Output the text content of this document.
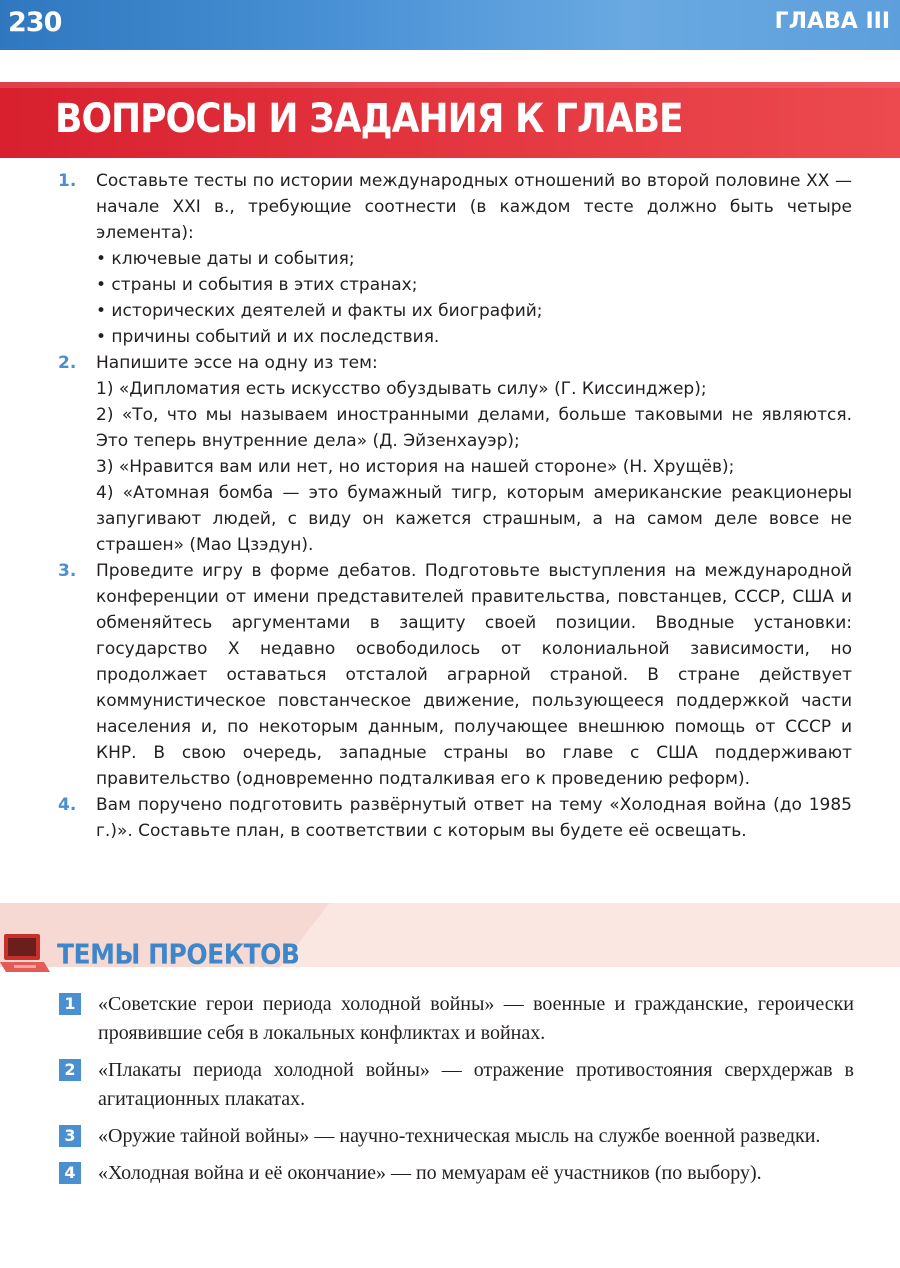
230	ГЛАВА III
ВОПРОСЫ И ЗАДАНИЯ К ГЛАВЕ
1. Составьте тесты по истории международных отношений во второй половине XX — начале XXI в., требующие соотнести (в каждом тесте должно быть четыре элемента):
• ключевые даты и события;
• страны и события в этих странах;
• исторических деятелей и факты их биографий;
• причины событий и их последствия.
2. Напишите эссе на одну из тем:
1) «Дипломатия есть искусство обуздывать силу» (Г. Киссинджер);
2) «То, что мы называем иностранными делами, больше таковыми не являются. Это теперь внутренние дела» (Д. Эйзенхауэр);
3) «Нравится вам или нет, но история на нашей стороне» (Н. Хрущёв);
4) «Атомная бомба — это бумажный тигр, которым американские реакционеры запугивают людей, с виду он кажется страшным, а на самом деле вовсе не страшен» (Мао Цзэдун).
3. Проведите игру в форме дебатов. Подготовьте выступления на международной конференции от имени представителей правительства, повстанцев, СССР, США и обменяйтесь аргументами в защиту своей позиции. Вводные установки: государство X недавно освободилось от колониальной зависимости, но продолжает оставаться отсталой аграрной страной. В стране действует коммунистическое повстанческое движение, пользующееся поддержкой части населения и, по некоторым данным, получающее внешнюю помощь от СССР и КНР. В свою очередь, западные страны во главе с США поддерживают правительство (одновременно подталкивая его к проведению реформ).
4. Вам поручено подготовить развёрнутый ответ на тему «Холодная война (до 1985 г.)». Составьте план, в соответствии с которым вы будете её освещать.
ТЕМЫ ПРОЕКТОВ
1 «Советские герои периода холодной войны» — военные и гражданские, героически проявившие себя в локальных конфликтах и войнах.
2 «Плакаты периода холодной войны» — отражение противостояния сверхдержав в агитационных плакатах.
3 «Оружие тайной войны» — научно-техническая мысль на службе военной разведки.
4 «Холодная война и её окончание» — по мемуарам её участников (по выбору).
